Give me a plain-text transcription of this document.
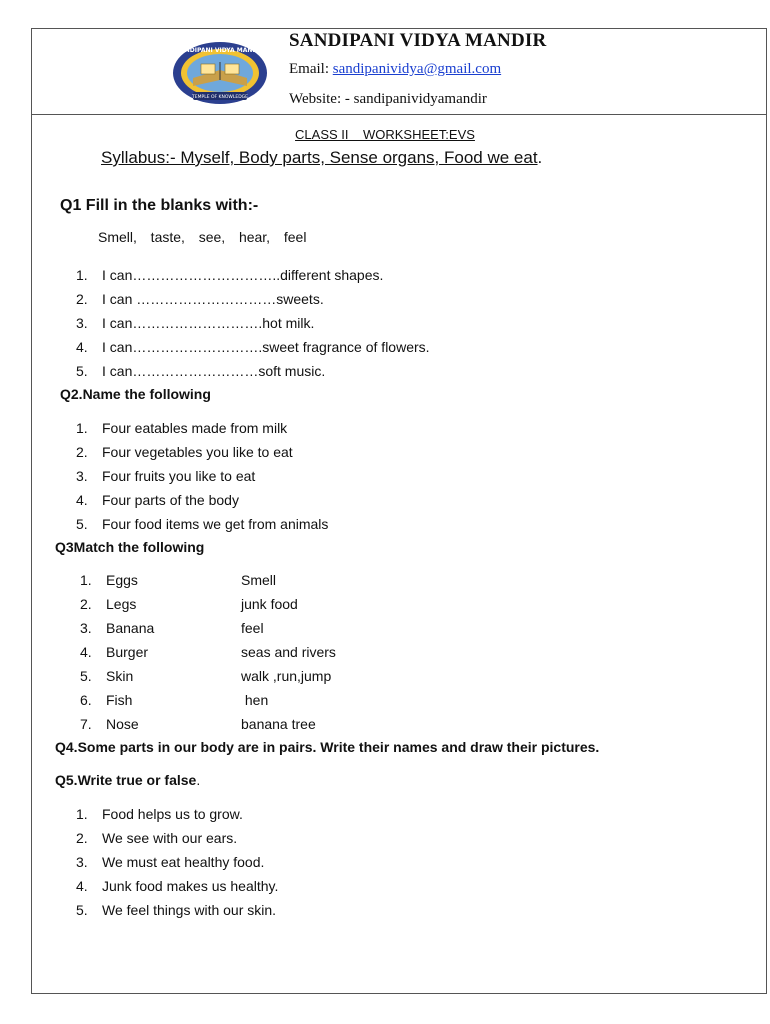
SANDIPANI VIDYA MANDIR
TEMPLE OF KNOWLEDGE
SANDIPANI VIDYA MANDIR
Email: sandipanividya@gmail.com
Website: - sandipanividyamandir
CLASS II    WORKSHEET:EVS
Syllabus:- Myself, Body parts, Sense organs, Food we eat.
Q1 Fill in the blanks with:-
Smell,  taste,  see,  hear,  feel
1. I can…………………………..different shapes.
2. I can …………………………sweets.
3. I can……………………….hot milk.
4. I can……………………….sweet fragrance of flowers.
5. I can………………………soft music.
Q2.Name the following
1. Four eatables made from milk
2. Four vegetables you like to eat
3. Four fruits you like to eat
4. Four parts of the body
5. Four food items we get from animals
Q3Match the following
1. Eggs	Smell
2. Legs	junk food
3. Banana	feel
4. Burger	seas and rivers
5. Skin	walk ,run,jump
6. Fish	hen
7. Nose	banana tree
Q4.Some parts in our body are in pairs. Write their names and draw their pictures.
Q5.Write true or false.
1. Food helps us to grow.
2. We see with our ears.
3. We must eat healthy food.
4. Junk food makes us healthy.
5. We feel things with our skin.
